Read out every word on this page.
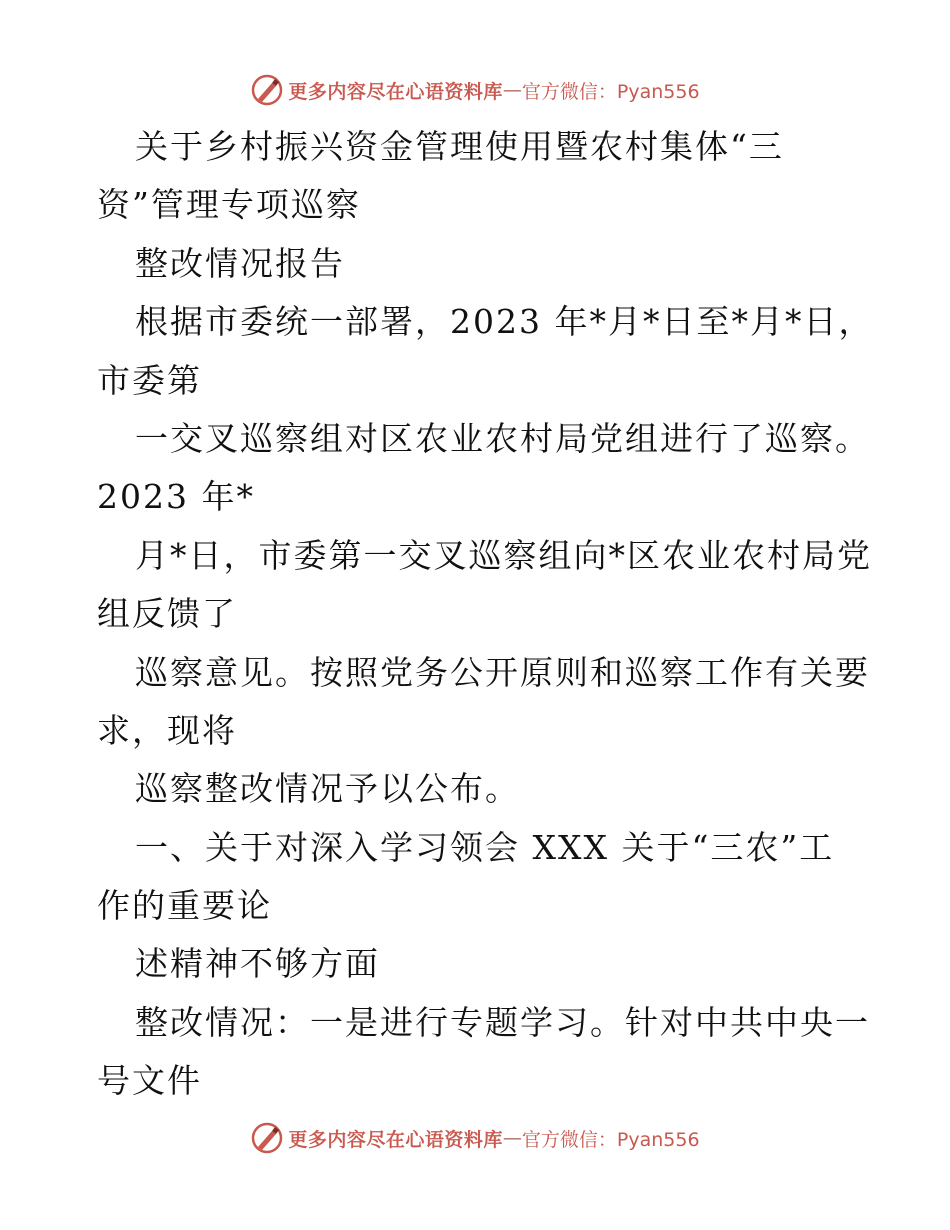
更多内容尽在心语资料库 — 官方微信：Pyan556
关于乡村振兴资金管理使用暨农村集体“三
资”管理专项巡察
整改情况报告
根据市委统一部署，2023 年*月*日至*月*日，
市委第
一交叉巡察组对区农业农村局党组进行了巡察。
2023 年*
月*日，市委第一交叉巡察组向*区农业农村局党
组反馈了
巡察意见。按照党务公开原则和巡察工作有关要
求，现将
巡察整改情况予以公布。
一、关于对深入学习领会 XXX 关于“三农”工
作的重要论
述精神不够方面
整改情况：一是进行专题学习。针对中共中央一
号文件
更多内容尽在心语资料库 — 官方微信：Pyan556
